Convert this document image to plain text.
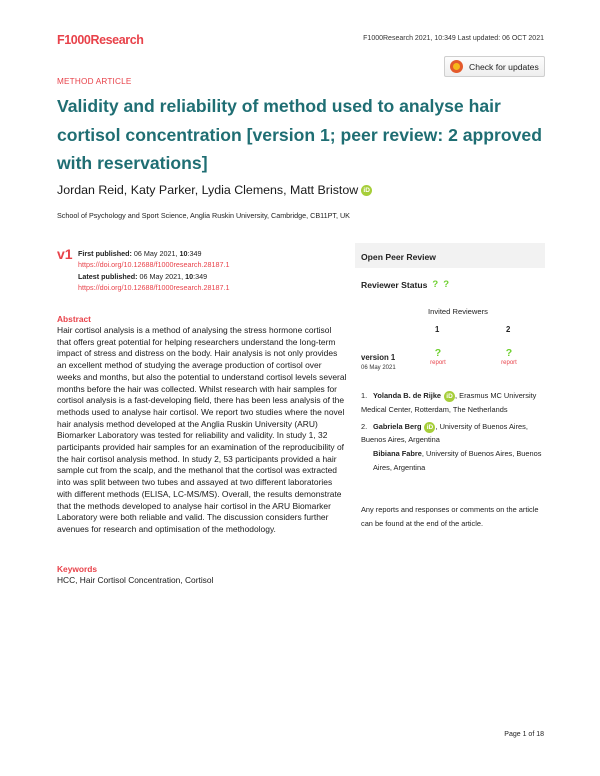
F1000Research	F1000Research 2021, 10:349 Last updated: 06 OCT 2021
METHOD ARTICLE
Check for updates
Validity and reliability of method used to analyse hair cortisol concentration [version 1; peer review: 2 approved with reservations]
Jordan Reid, Katy Parker, Lydia Clemens, Matt Bristow iD
School of Psychology and Sport Science, Anglia Ruskin University, Cambridge, CB11PT, UK
v1 First published: 06 May 2021, 10:349
https://doi.org/10.12688/f1000research.28187.1
Latest published: 06 May 2021, 10:349
https://doi.org/10.12688/f1000research.28187.1
Abstract
Hair cortisol analysis is a method of analysing the stress hormone cortisol that offers great potential for helping researchers understand the long-term impact of stress and distress on the body. Hair analysis is not only provides an excellent method of studying the average production of cortisol over weeks and months, but also the potential to understand cortisol levels several months before the hair was collected. Whilst research with hair samples for cortisol analysis is a fast-developing field, there has been less analysis of the methods used to analyse hair cortisol. We report two studies where the novel hair analysis method developed at the Anglia Ruskin University (ARU) Biomarker Laboratory was tested for reliability and validity. In study 1, 32 participants provided hair samples for an examination of the reproducibility of the hair cortisol analysis method. In study 2, 53 participants provided a hair sample cut from the scalp, and the methanol that the cortisol was extracted into was split between two tubes and assayed at two different laboratories with different methods (ELISA, LC-MS/MS). Overall, the results demonstrate that the methods developed to analyse hair cortisol in the ARU Biomarker Laboratory were both reliable and valid. The discussion considers further avenues for research and optimisation of the methodology.
Keywords
HCC, Hair Cortisol Concentration, Cortisol
Open Peer Review
Reviewer Status ? ?
Invited Reviewers
1	2
version 1
06 May 2021
?
report
?
report
1. Yolanda B. de Rijke iD , Erasmus MC University Medical Center, Rotterdam, The Netherlands
2. Gabriela Berg iD , University of Buenos Aires, Buenos Aires, Argentina
Bibiana Fabre, University of Buenos Aires, Buenos Aires, Argentina
Any reports and responses or comments on the article can be found at the end of the article.
Page 1 of 18
